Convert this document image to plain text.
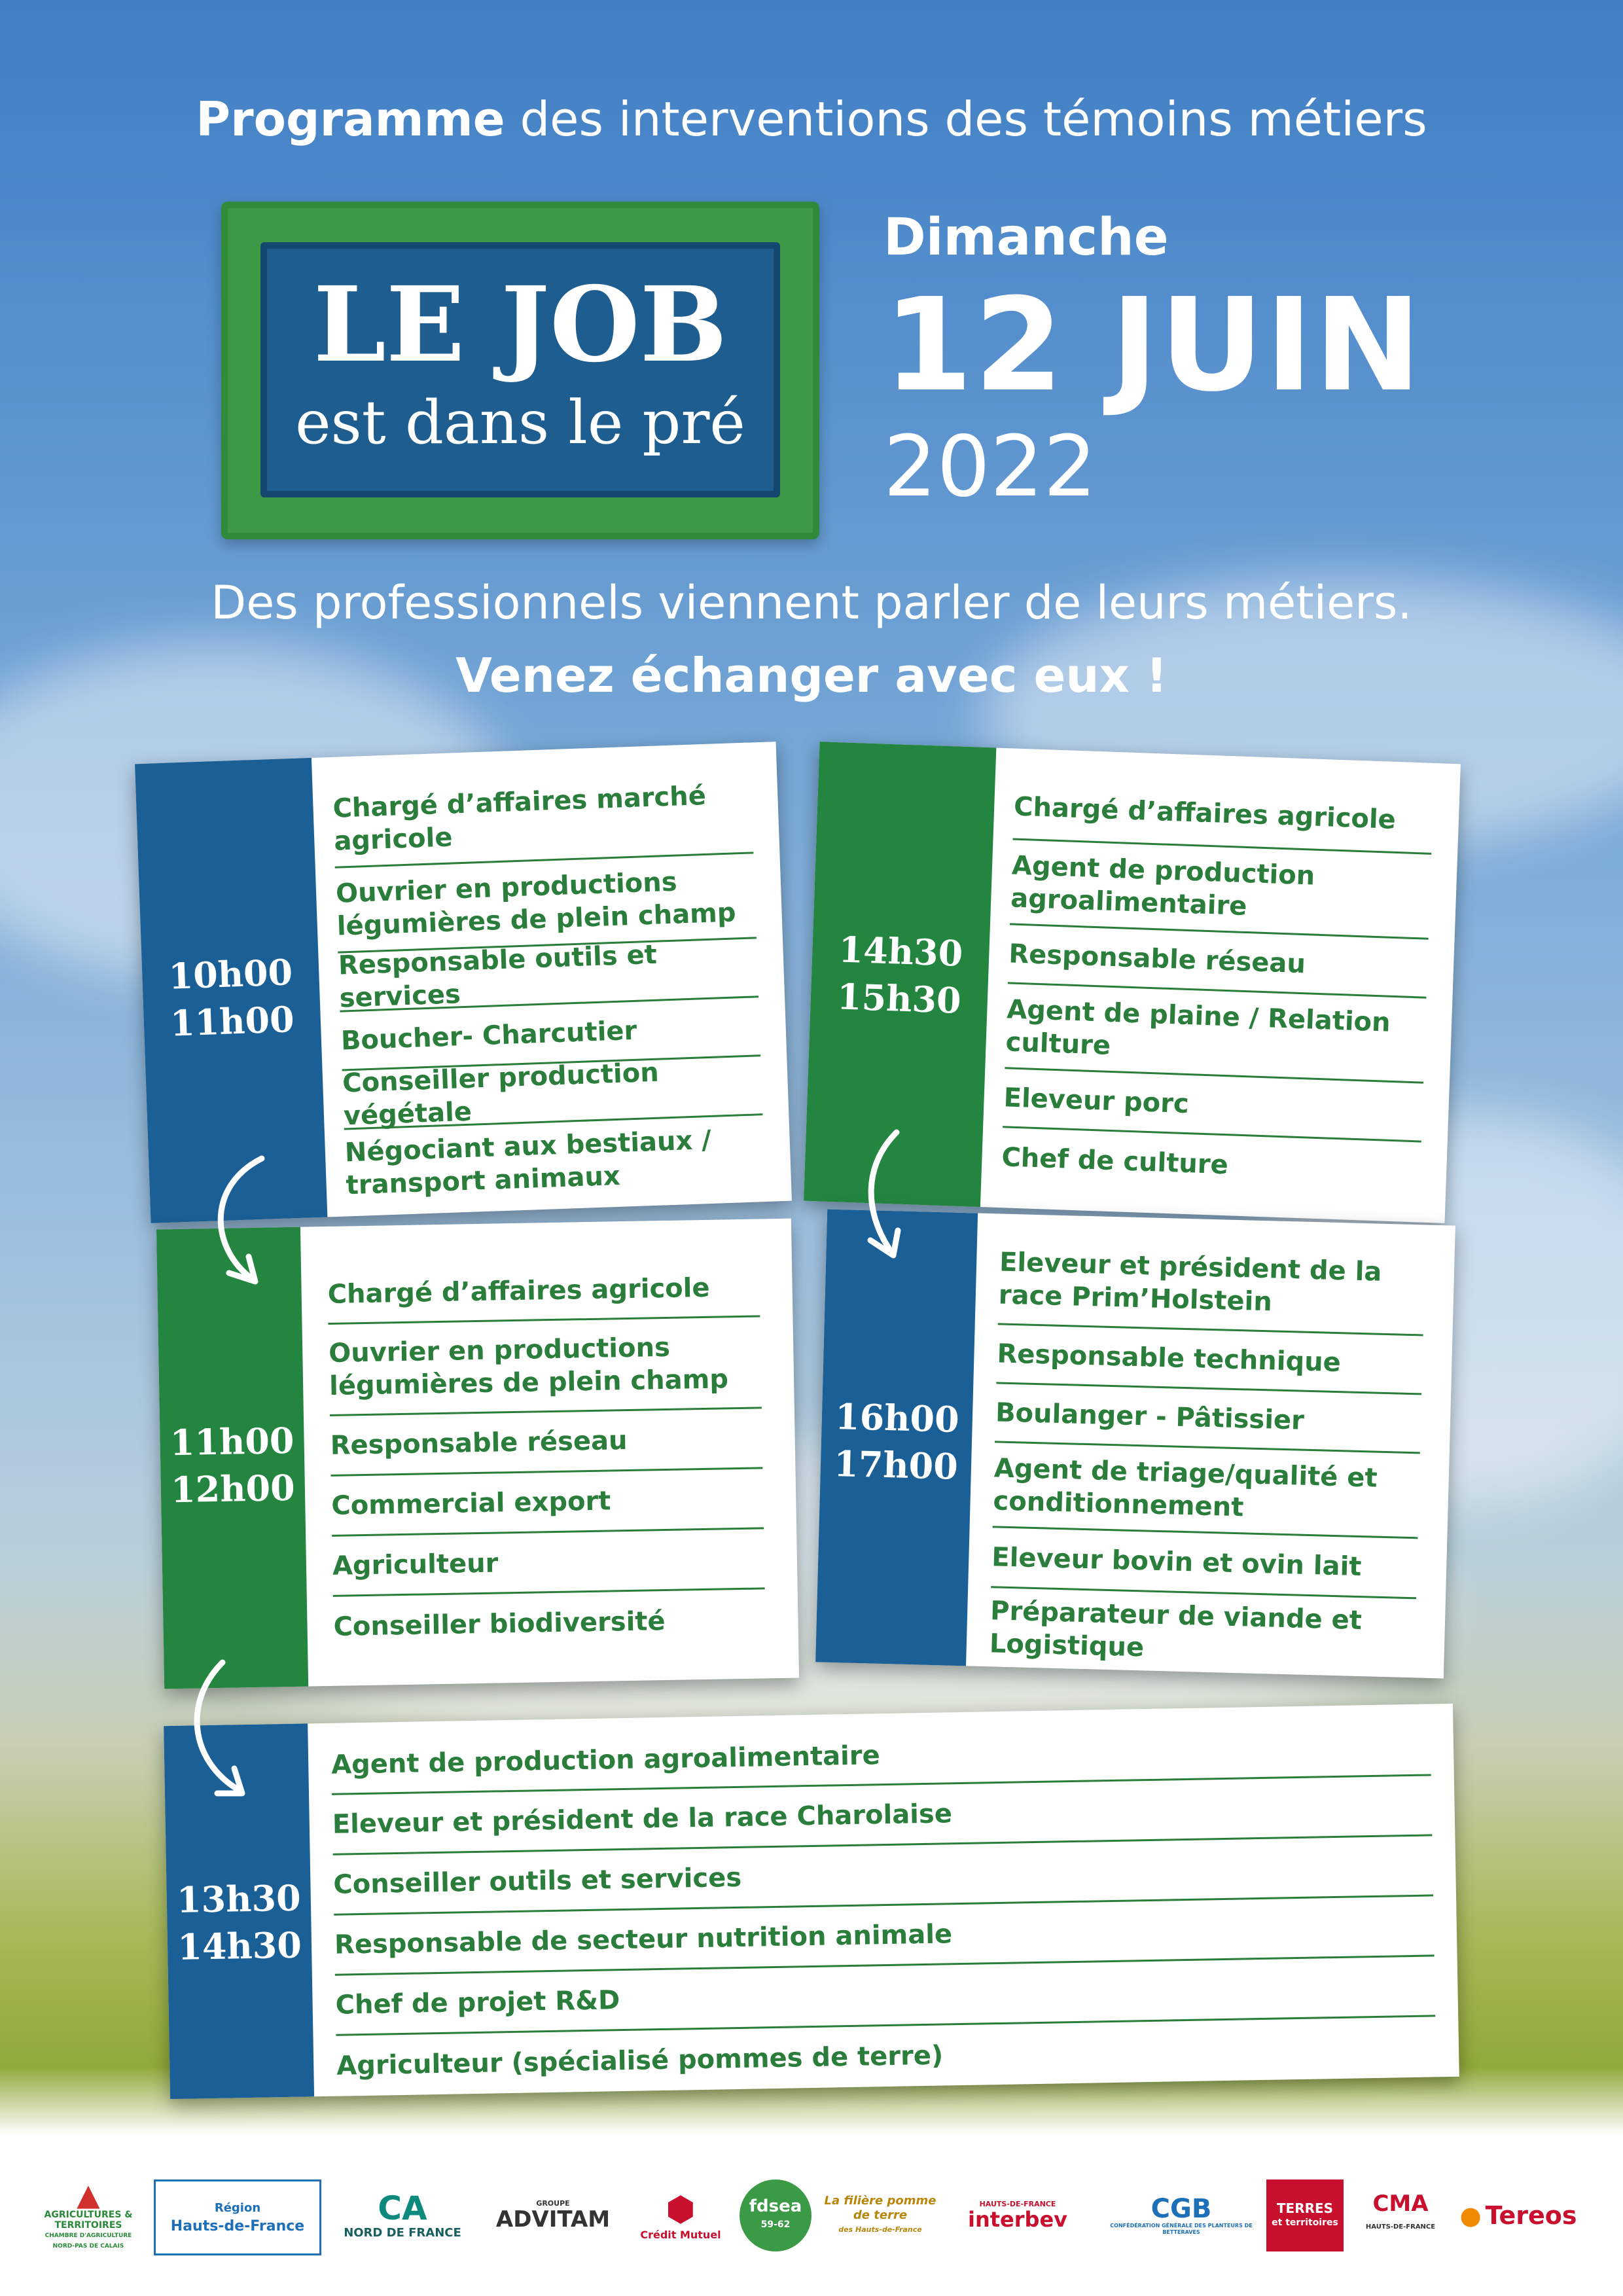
Programme des interventions des témoins métiers
LE JOB
est dans le pré
Dimanche
12 JUIN
2022
Des professionnels viennent parler de leurs métiers.
Venez échanger avec eux !
10h00
11h00
Chargé d’affaires marché agricole
Ouvrier en productions légumières de plein champ
Responsable outils et services
Boucher- Charcutier
Conseiller production végétale
Négociant aux bestiaux / transport animaux
14h30
15h30
Chargé d’affaires agricole
Agent de production agroalimentaire
Responsable réseau
Agent de plaine / Relation culture
Eleveur porc
Chef de culture
11h00
12h00
Chargé d’affaires agricole
Ouvrier en productions légumières de plein champ
Responsable réseau
Commercial export
Agriculteur
Conseiller biodiversité
16h00
17h00
Eleveur et président de la race Prim’Holstein
Responsable technique
Boulanger - Pâtissier
Agent de triage/qualité et conditionnement
Eleveur bovin et ovin lait
Préparateur de viande et Logistique
13h30
14h30
Agent de production agroalimentaire
Eleveur et président de la race Charolaise
Conseiller outils et services
Responsable de secteur nutrition animale
Chef de projet R&D
Agriculteur (spécialisé pommes de terre)
▲
AGRICULTURES & TERRITOIRES
CHAMBRE D'AGRICULTURE NORD-PAS DE CALAIS
Région
Hauts-de-France CA
NORD DE FRANCE
GROUPE
ADVITAM ⬢
Crédit Mutuel
fdsea
59-62
La filière pomme de terre
des Hauts-de-France
HAUTS-DE-FRANCE
interbev	CGB
CONFÉDÉRATION GÉNÉRALE DES PLANTEURS DE BETTERAVES
TERRES
et territoires
CMA
HAUTS-DE-FRANCE ● Tereos
